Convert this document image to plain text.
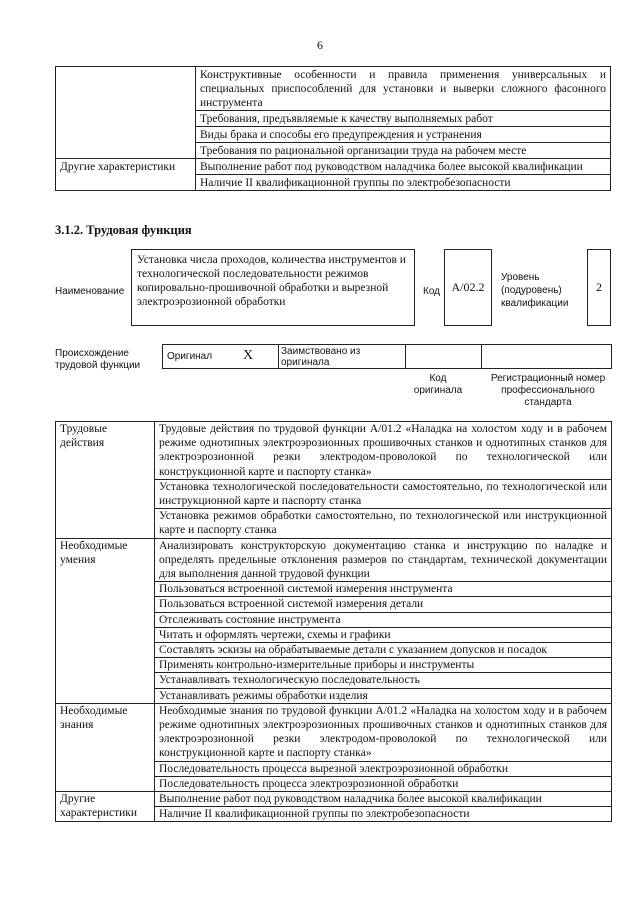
6
	Конструктивные особенности и правила применения универсальных и специальных приспособлений для установки и выверки сложного фасонного инструмента
	Требования, предъявляемые к качеству выполняемых работ
	Виды брака и способы его предупреждения и устранения
	Требования по рациональной организации труда на рабочем месте
Другие характеристики	Выполнение работ под руководством наладчика более высокой квалификации
	Наличие II квалификационной группы по электробезопасности
3.1.2. Трудовая функция
Наименование
Установка числа проходов, количества инструментов и технологической последовательности режимов копировально-прошивочной обработки и вырезной электроэрозионной обработки
Код A/02.2
Уровень (подуровень) квалификации
2
Происхождение трудовой функции
Оригинал X	Заимствовано из оригинала
Код оригинала
Регистрационный номер профессионального стандарта
Трудовые действия	Трудовые действия по трудовой функции A/01.2 «Наладка на холостом ходу и в рабочем режиме однотипных электроэрозионных прошивочных станков и однотипных станков для электроэрозионной резки электродом-проволокой по технологической или конструкционной карте и паспорту станка»
	Установка технологической последовательности самостоятельно, по технологической или инструкционной карте и паспорту станка
	Установка режимов обработки самостоятельно, по технологической или инструкционной карте и паспорту станка
Необходимые умения	Анализировать конструкторскую документацию станка и инструкцию по наладке и определять предельные отклонения размеров по стандартам, технической документации для выполнения данной трудовой функции
	Пользоваться встроенной системой измерения инструмента
	Пользоваться встроенной системой измерения детали
	Отслеживать состояние инструмента
	Читать и оформлять чертежи, схемы и графики
	Составлять эскизы на обрабатываемые детали с указанием допусков и посадок
	Применять контрольно-измерительные приборы и инструменты
	Устанавливать технологическую последовательность
	Устанавливать режимы обработки изделия
Необходимые знания	Необходимые знания по трудовой функции A/01.2 «Наладка на холостом ходу и в рабочем режиме однотипных электроэрозионных прошивочных станков и однотипных станков для электроэрозионной резки электродом-проволокой по технологической или конструкционной карте и паспорту станка»
	Последовательность процесса вырезной электроэрозионной обработки
	Последовательность процесса электроэрозионной обработки
Другие характеристики	Выполнение работ под руководством наладчика более высокой квалификации
	Наличие II квалификационной группы по электробезопасности
